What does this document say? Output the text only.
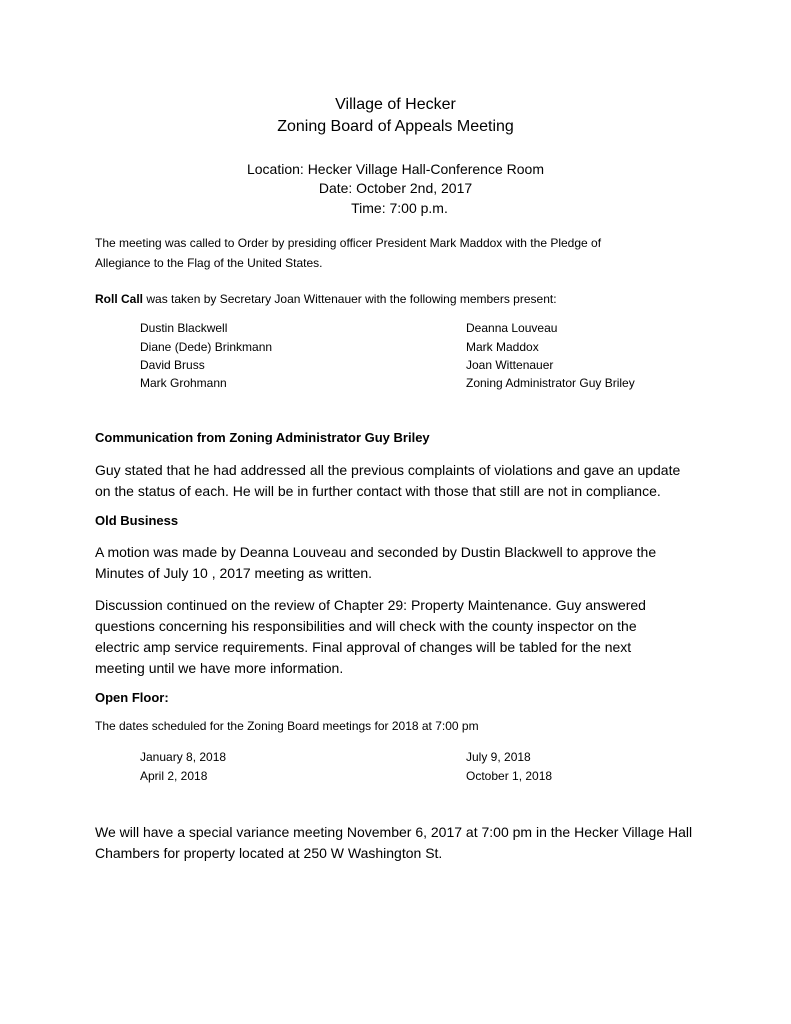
Village of Hecker
Zoning Board of Appeals Meeting
Location: Hecker Village Hall-Conference Room
Date: October 2nd, 2017
Time: 7:00 p.m.
The meeting was called to Order by presiding officer President Mark Maddox with the Pledge of
Allegiance to the Flag of the United States.
Roll Call was taken by Secretary Joan Wittenauer with the following members present:
Dustin Blackwell
Diane (Dede) Brinkmann
David Bruss
Mark Grohmann
Deanna Louveau
Mark Maddox
Joan Wittenauer
Zoning Administrator Guy Briley
Communication from Zoning Administrator Guy Briley
Guy stated that he had addressed all the previous complaints of violations and gave an update
on the status of each. He will be in further contact with those that still are not in compliance.
Old Business
A motion was made by Deanna Louveau and seconded by Dustin Blackwell to approve the
Minutes of July 10 , 2017 meeting as written.
Discussion continued on the review of Chapter 29: Property Maintenance. Guy answered
questions concerning his responsibilities and will check with the county inspector on the
electric amp service requirements. Final approval of changes will be tabled for the next
meeting until we have more information.
Open Floor:
The dates scheduled for the Zoning Board meetings for 2018 at 7:00 pm
January 8, 2018
April 2, 2018
July 9, 2018
October 1, 2018
We will have a special variance meeting November 6, 2017 at 7:00 pm in the Hecker Village Hall
Chambers for property located at 250 W Washington St.
